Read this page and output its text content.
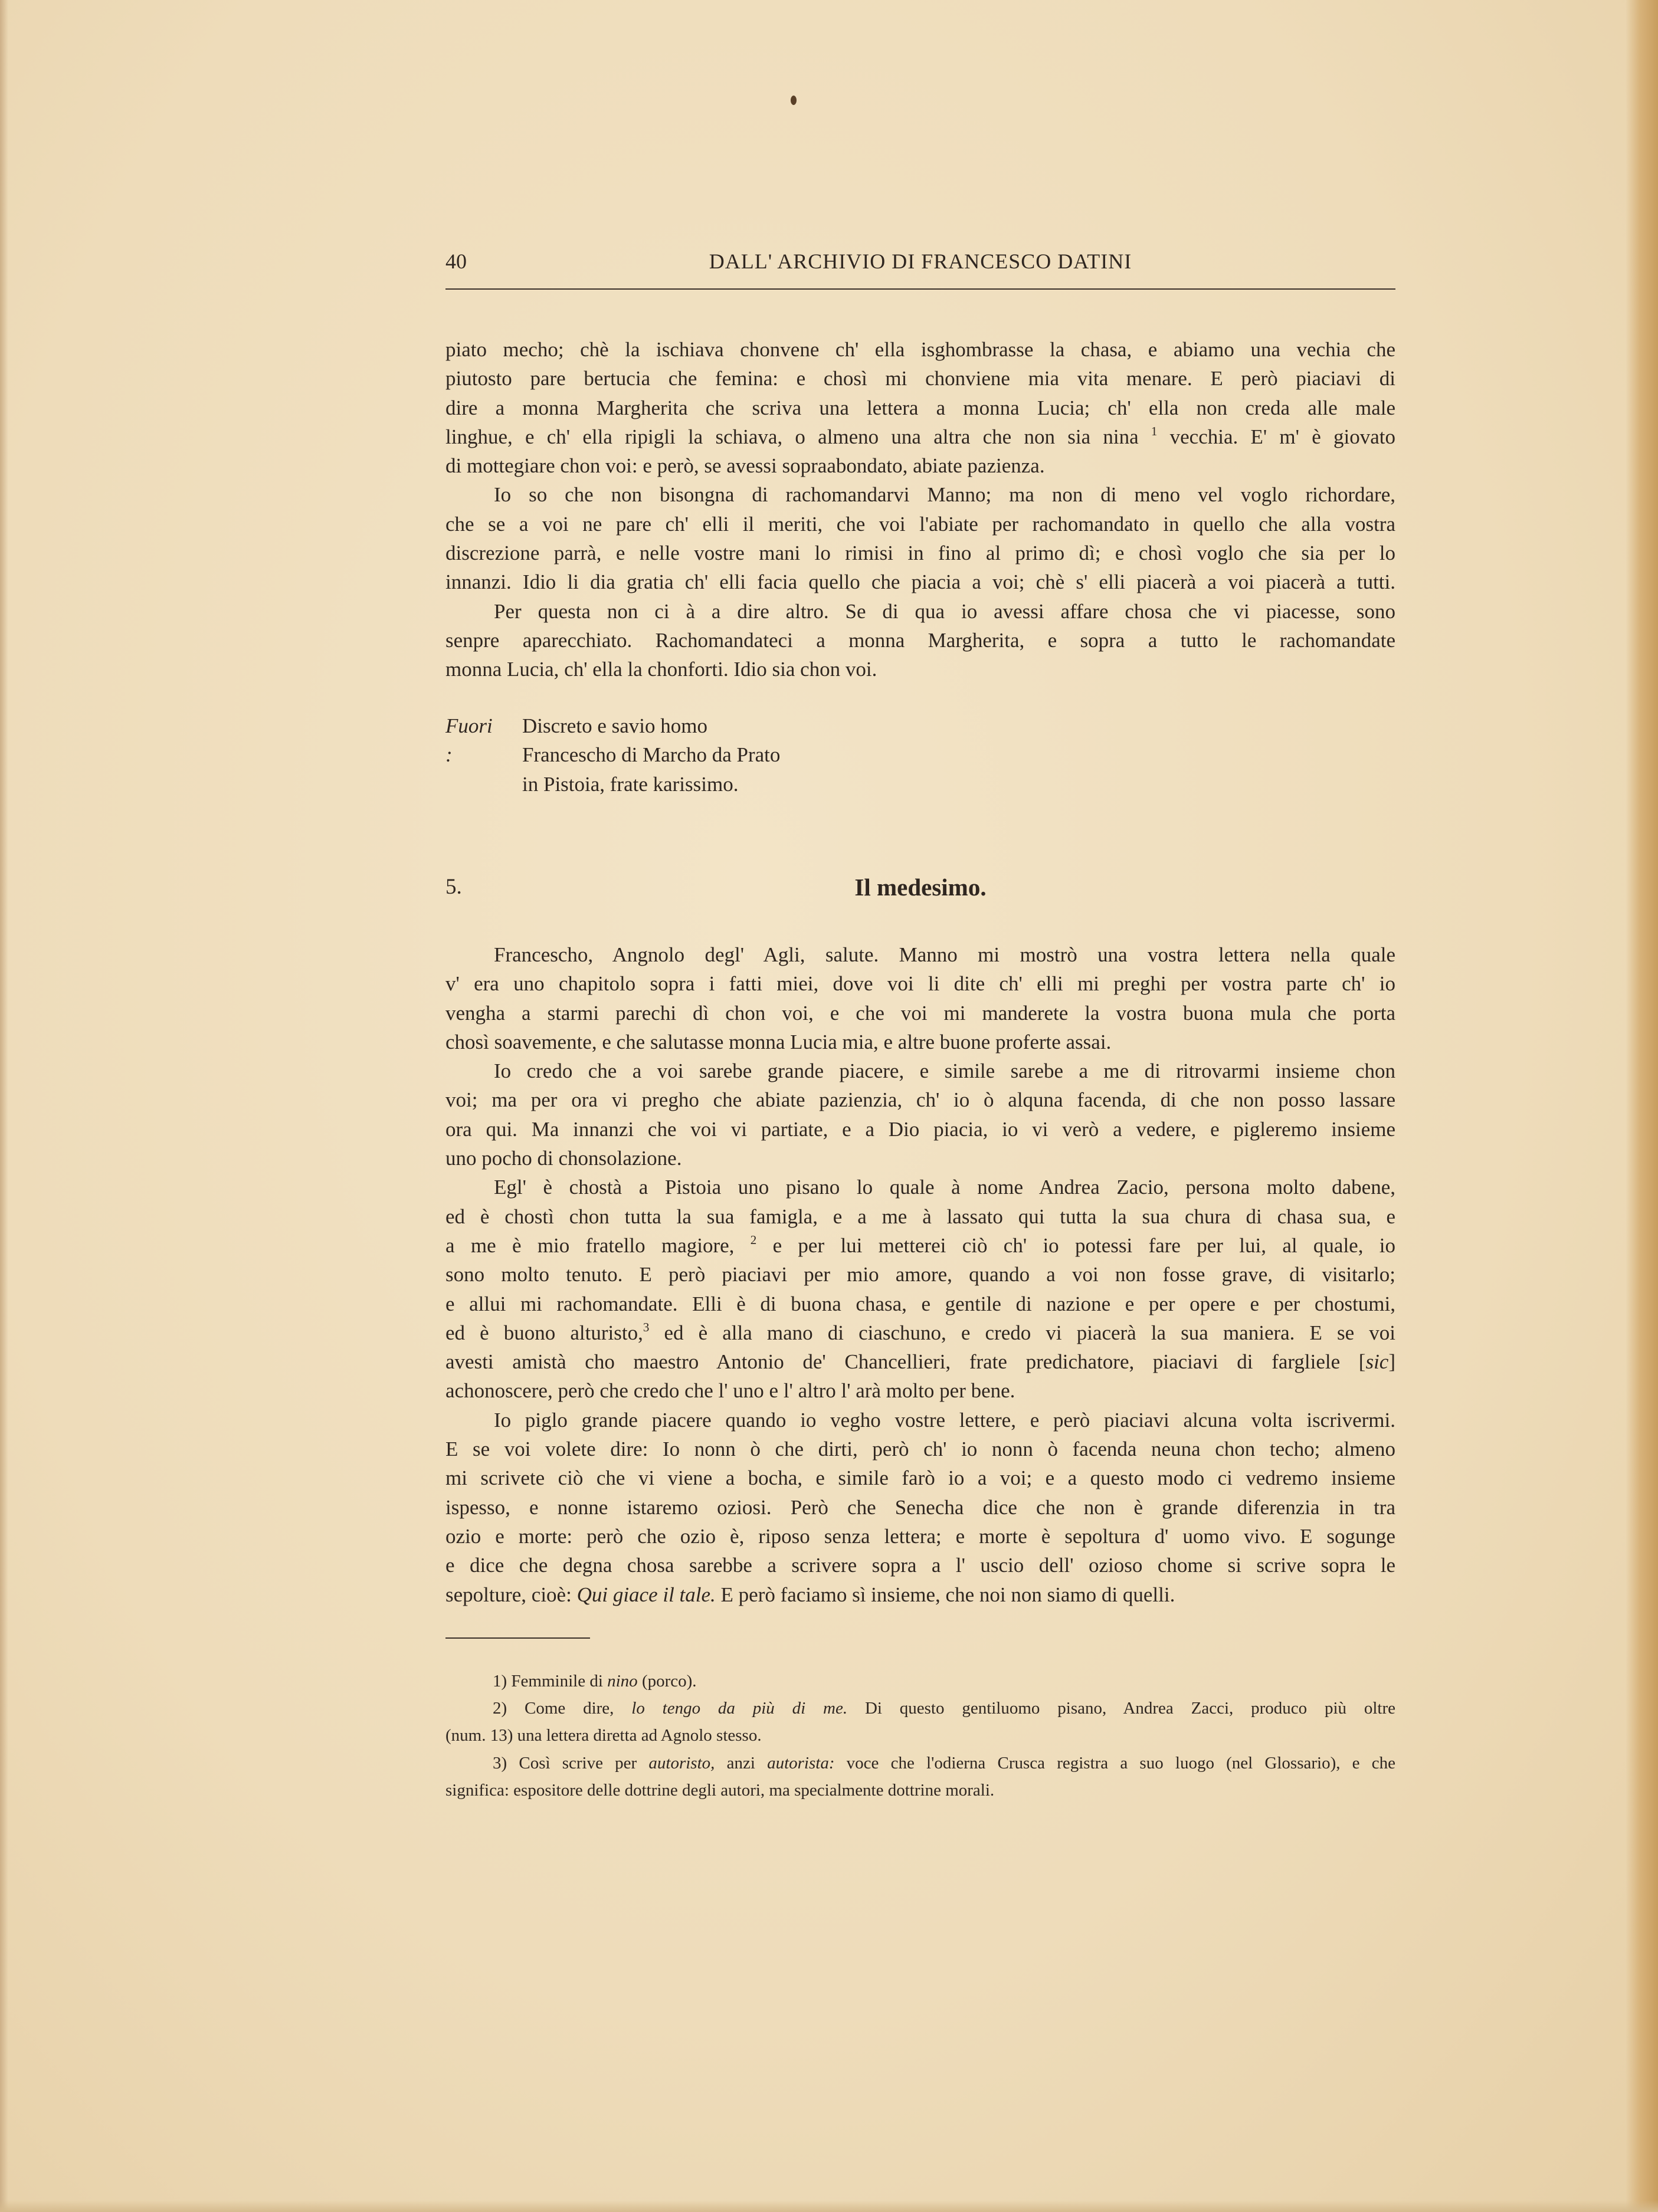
40	DALL' ARCHIVIO DI FRANCESCO DATINI
piato mecho; chè la ischiava chonvene ch' ella isghombrasse la chasa, e abiamo una vechia che
piutosto pare bertucia che femina: e chosì mi chonviene mia vita menare. E però piaciavi di
dire a monna Margherita che scriva una lettera a monna Lucia; ch' ella non creda alle male
linghue, e ch' ella ripigli la schiava, o almeno una altra che non sia nina $^1$ vecchia. E' m' è giovato
di mottegiare chon voi: e però, se avessi sopraabondato, abiate pazienza.
Io so che non bisongna di rachomandarvi Manno; ma non di meno vel voglo richordare,
che se a voi ne pare ch' elli il meriti, che voi l'abiate per rachomandato in quello che alla vostra
discrezione parrà, e nelle vostre mani lo rimisi in fino al primo dì; e chosì voglo che sia per lo
innanzi. Idio li dia gratia ch' elli facia quello che piacia a voi; chè s' elli piacerà a voi piacerà a tutti.
Per questa non ci à a dire altro. Se di qua io avessi affare chosa che vi piacesse, sono
senpre aparecchiato. Rachomandateci a monna Margherita, e sopra a tutto le rachomandate
monna Lucia, ch' ella la chonforti. Idio sia chon voi.
Fuori :
Discreto e savio homo
Francescho di Marcho da Prato
in Pistoia, frate karissimo.
5.	Il medesimo.
Francescho, Angnolo degl' Agli, salute. Manno mi mostrò una vostra lettera nella quale
v' era uno chapitolo sopra i fatti miei, dove voi li dite ch' elli mi preghi per vostra parte ch' io
vengha a starmi parechi dì chon voi, e che voi mi manderete la vostra buona mula che porta
chosì soavemente, e che salutasse monna Lucia mia, e altre buone proferte assai.
Io credo che a voi sarebe grande piacere, e simile sarebe a me di ritrovarmi insieme chon
voi; ma per ora vi pregho che abiate pazienzia, ch' io ò alquna facenda, di che non posso lassare
ora qui. Ma innanzi che voi vi partiate, e a Dio piacia, io vi verò a vedere, e pigleremo insieme
uno pocho di chonsolazione.
Egl' è chostà a Pistoia uno pisano lo quale à nome Andrea Zacio, persona molto dabene,
ed è chostì chon tutta la sua famigla, e a me à lassato qui tutta la sua chura di chasa sua, e
a me è mio fratello magiore, $^2$ e per lui metterei ciò ch' io potessi fare per lui, al quale, io
sono molto tenuto. E però piaciavi per mio amore, quando a voi non fosse grave, di visitarlo;
e allui mi rachomandate. Elli è di buona chasa, e gentile di nazione e per opere e per chostumi,
ed è buono alturisto,$^3$ ed è alla mano di ciaschuno, e credo vi piacerà la sua maniera. E se voi
avesti amistà cho maestro Antonio de' Chancellieri, frate predichatore, piaciavi di fargliele [sic]
achonoscere, però che credo che l' uno e l' altro l' arà molto per bene.
Io piglo grande piacere quando io vegho vostre lettere, e però piaciavi alcuna volta iscrivermi.
E se voi volete dire: Io nonn ò che dirti, però ch' io nonn ò facenda neuna chon techo; almeno
mi scrivete ciò che vi viene a bocha, e simile farò io a voi; e a questo modo ci vedremo insieme
ispesso, e nonne istaremo oziosi. Però che Senecha dice che non è grande diferenzia in tra
ozio e morte: però che ozio è, riposo senza lettera; e morte è sepoltura d' uomo vivo. E sogunge
e dice che degna chosa sarebbe a scrivere sopra a l' uscio dell' ozioso chome si scrive sopra le
sepolture, cioè: Qui giace il tale. E però faciamo sì insieme, che noi non siamo di quelli.
1) Femminile di nino (porco).
2) Come dire, lo tengo da più di me. Di questo gentiluomo pisano, Andrea Zacci, produco più oltre
(num. 13) una lettera diretta ad Agnolo stesso.
3) Così scrive per autoristo, anzi autorista: voce che l'odierna Crusca registra a suo luogo (nel Glossario), e che
significa: espositore delle dottrine degli autori, ma specialmente dottrine morali.
